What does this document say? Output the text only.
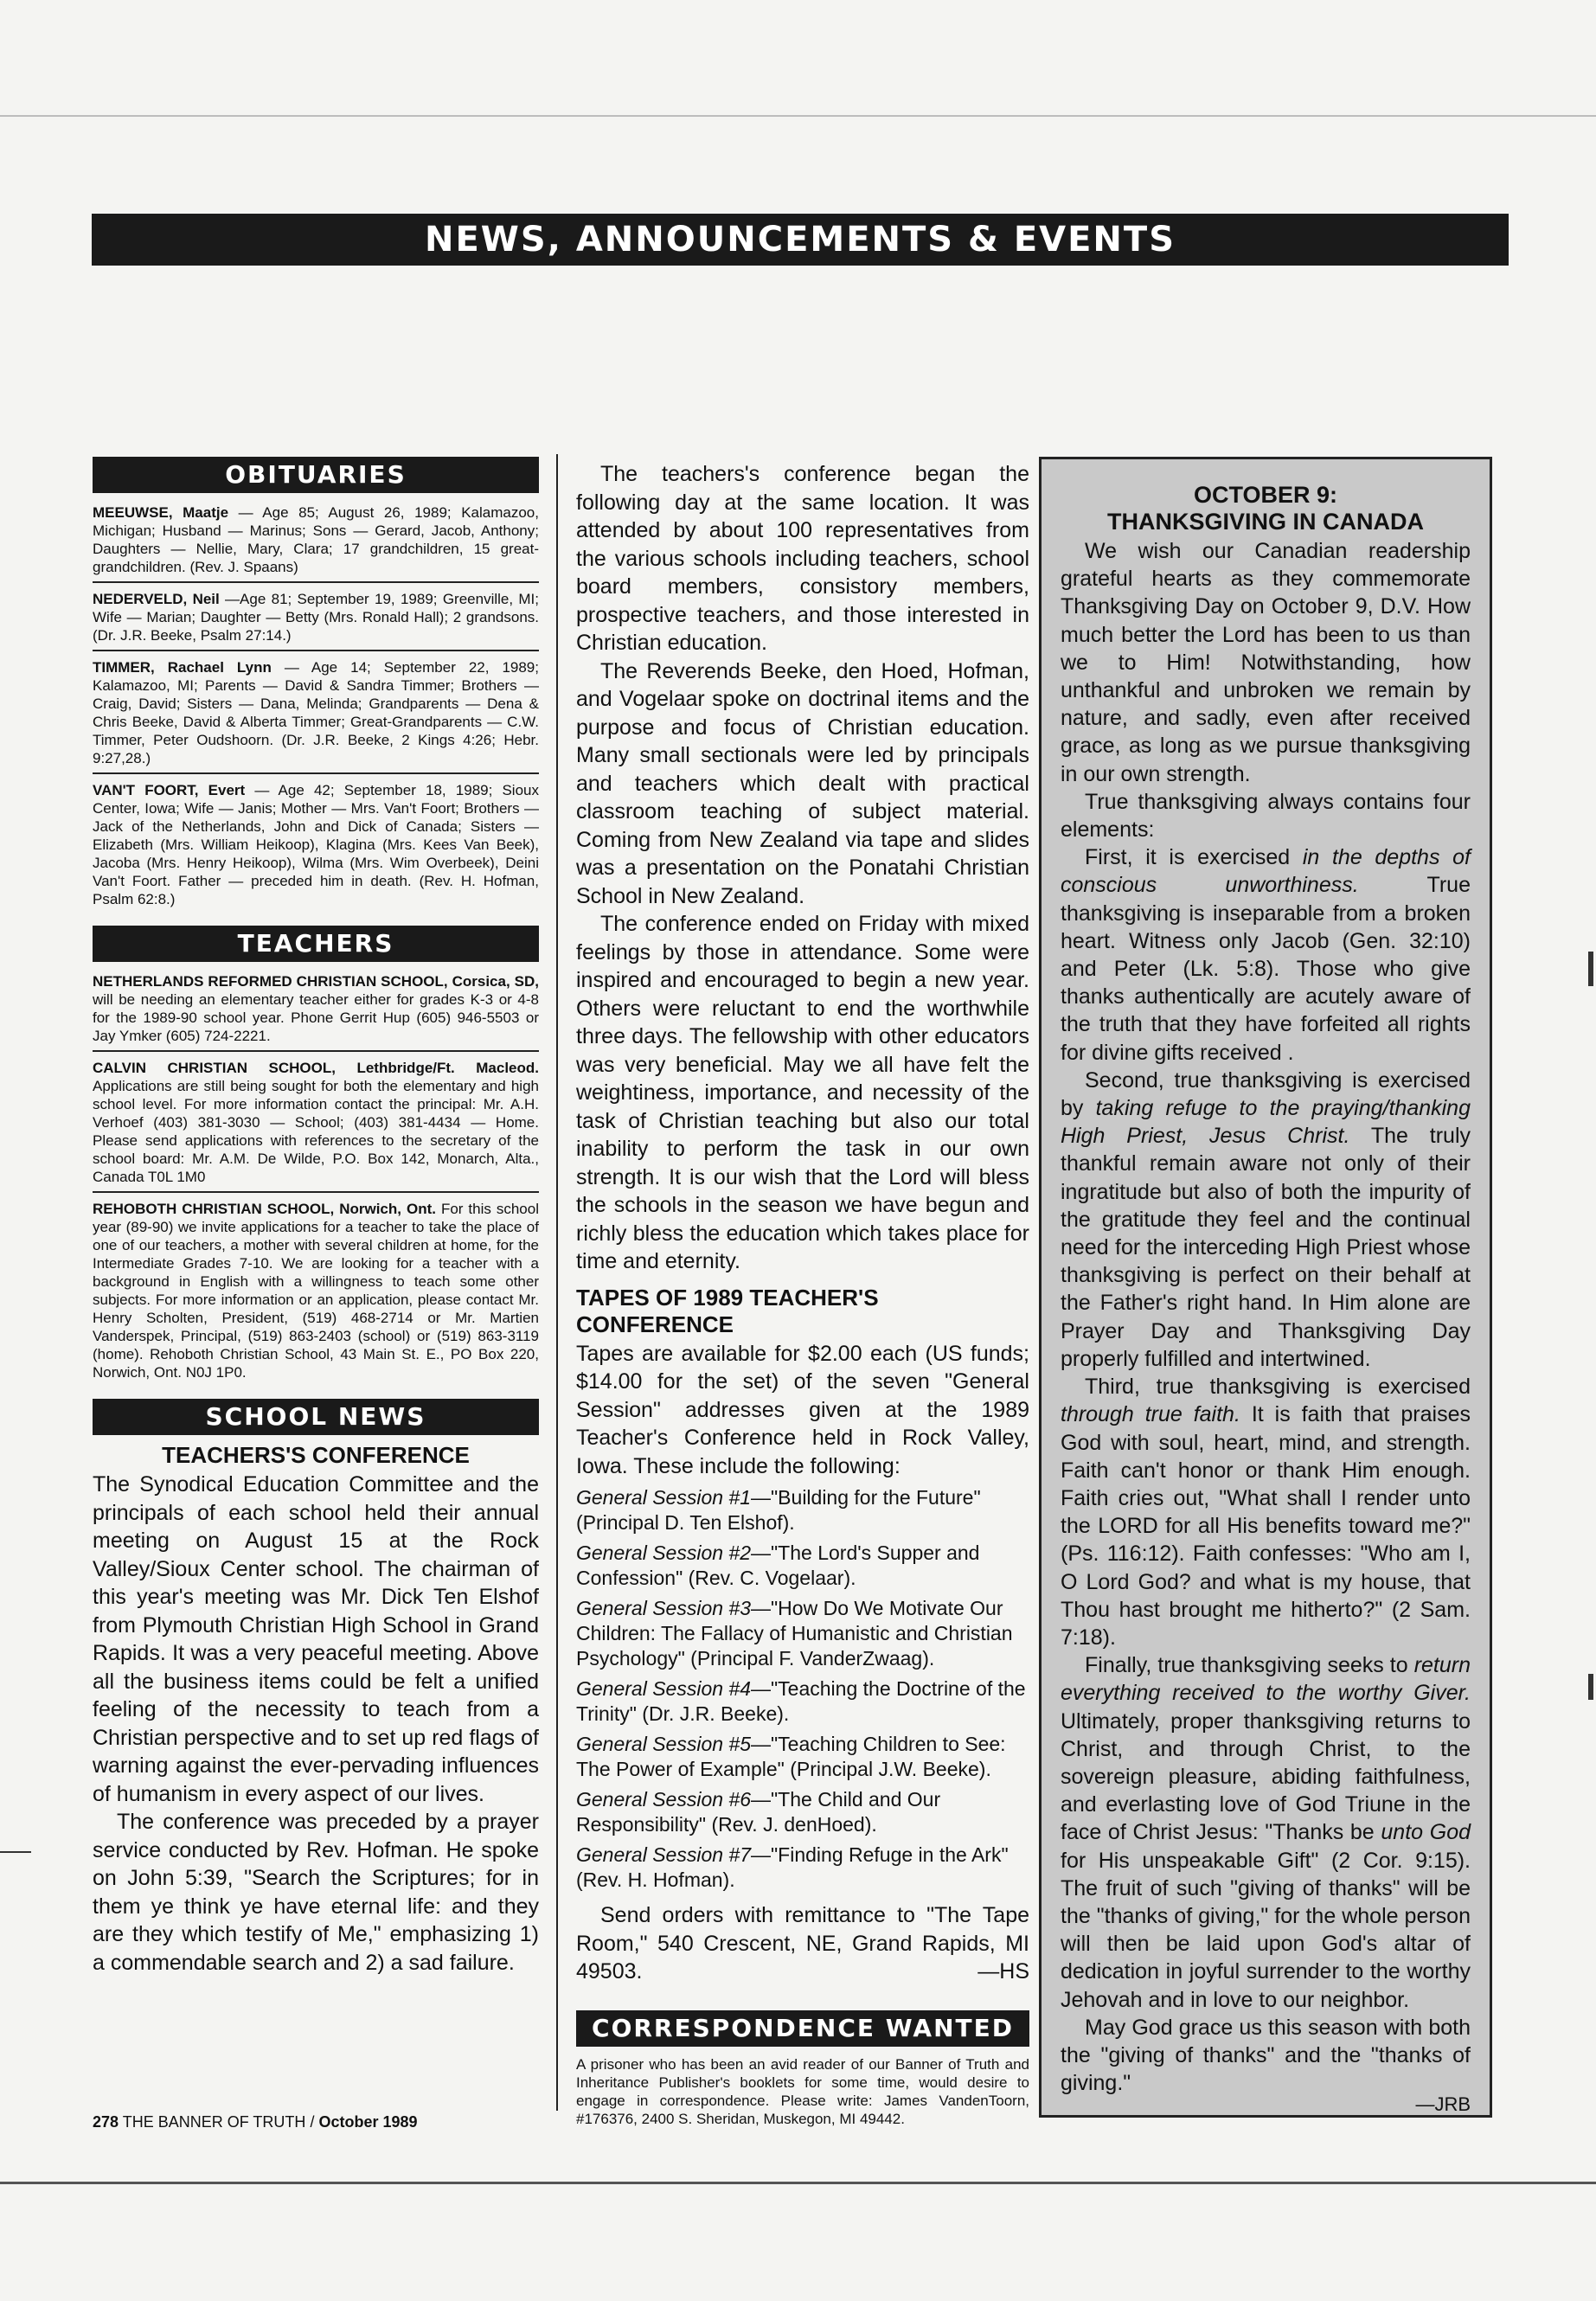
NEWS, ANNOUNCEMENTS & EVENTS
OBITUARIES

MEEUWSE, Maatje — Age 85; August 26, 1989; Kalamazoo, Michigan; Husband — Marinus; Sons — Gerard, Jacob, Anthony; Daughters — Nellie, Mary, Clara; 17 grandchildren, 15 great-grandchildren. (Rev. J. Spaans)

NEDERVELD, Neil —Age 81; September 19, 1989; Greenville, MI; Wife — Marian; Daughter — Betty (Mrs. Ronald Hall); 2 grandsons. (Dr. J.R. Beeke, Psalm 27:14.)

TIMMER, Rachael Lynn — Age 14; September 22, 1989; Kalamazoo, MI; Parents — David & Sandra Timmer; Brothers — Craig, David; Sisters — Dana, Melinda; Grandparents — Dena & Chris Beeke, David & Alberta Timmer; Great-Grandparents — C.W. Timmer, Peter Oudshoorn. (Dr. J.R. Beeke, 2 Kings 4:26; Hebr. 9:27,28.)

VAN'T FOORT, Evert — Age 42; September 18, 1989; Sioux Center, Iowa; Wife — Janis; Mother — Mrs. Van't Foort; Brothers — Jack of the Netherlands, John and Dick of Canada; Sisters — Elizabeth (Mrs. William Heikoop), Klagina (Mrs. Kees Van Beek), Jacoba (Mrs. Henry Heikoop), Wilma (Mrs. Wim Overbeek), Deini Van't Foort. Father — preceded him in death. (Rev. H. Hofman, Psalm 62:8.)

TEACHERS

NETHERLANDS REFORMED CHRISTIAN SCHOOL, Corsica, SD, will be needing an elementary teacher either for grades K-3 or 4-8 for the 1989-90 school year. Phone Gerrit Hup (605) 946-5503 or Jay Ymker (605) 724-2221.

CALVIN CHRISTIAN SCHOOL, Lethbridge/Ft. Macleod. Applications are still being sought for both the elementary and high school level. For more information contact the principal: Mr. A.H. Verhoef (403) 381-3030 — School; (403) 381-4434 — Home. Please send applications with references to the secretary of the school board: Mr. A.M. De Wilde, P.O. Box 142, Monarch, Alta., Canada T0L 1M0

REHOBOTH CHRISTIAN SCHOOL, Norwich, Ont. For this school year (89-90) we invite applications for a teacher to take the place of one of our teachers, a mother with several children at home, for the Intermediate Grades 7-10. We are looking for a teacher with a background in English with a willingness to teach some other subjects. For more information or an application, please contact Mr. Henry Scholten, President, (519) 468-2714 or Mr. Martien Vanderspek, Principal, (519) 863-2403 (school) or (519) 863-3119 (home). Rehoboth Christian School, 43 Main St. E., PO Box 220, Norwich, Ont. N0J 1P0.

SCHOOL NEWS
TEACHERS'S CONFERENCE

The Synodical Education Committee and the principals of each school held their annual meeting on August 15 at the Rock Valley/Sioux Center school. The chairman of this year's meeting was Mr. Dick Ten Elshof from Plymouth Christian High School in Grand Rapids. It was a very peaceful meeting. Above all the business items could be felt a unified feeling of the necessity to teach from a Christian perspective and to set up red flags of warning against the ever-pervading influences of humanism in every aspect of our lives.

The conference was preceded by a prayer service conducted by Rev. Hofman. He spoke on John 5:39, "Search the Scriptures; for in them ye think ye have eternal life: and they are they which testify of Me," emphasizing 1) a commendable search and 2) a sad failure.

The teachers's conference began the following day at the same location. It was attended by about 100 representatives from the various schools including teachers, school board members, consistory members, prospective teachers, and those interested in Christian education.

The Reverends Beeke, den Hoed, Hofman, and Vogelaar spoke on doctrinal items and the purpose and focus of Christian education. Many small sectionals were led by principals and teachers which dealt with practical classroom teaching of subject material. Coming from New Zealand via tape and slides was a presentation on the Ponatahi Christian School in New Zealand.

The conference ended on Friday with mixed feelings by those in attendance. Some were inspired and encouraged to begin a new year. Others were reluctant to end the worthwhile three days. The fellowship with other educators was very beneficial. May we all have felt the weightiness, importance, and necessity of the task of Christian teaching but also our total inability to perform the task in our own strength. It is our wish that the Lord will bless the schools in the season we have begun and richly bless the education which takes place for time and eternity.

TAPES OF 1989 TEACHER'S CONFERENCE

Tapes are available for $2.00 each (US funds; $14.00 for the set) of the seven "General Session" addresses given at the 1989 Teacher's Conference held in Rock Valley, Iowa. These include the following:

General Session #1—"Building for the Future" (Principal D. Ten Elshof).

General Session #2—"The Lord's Supper and Confession" (Rev. C. Vogelaar).

General Session #3—"How Do We Motivate Our Children: The Fallacy of Humanistic and Christian Psychology" (Principal F. VanderZwaag).

General Session #4—"Teaching the Doctrine of the Trinity" (Dr. J.R. Beeke).

General Session #5—"Teaching Children to See: The Power of Example" (Principal J.W. Beeke).

General Session #6—"The Child and Our Responsibility" (Rev. J. denHoed).

General Session #7—"Finding Refuge in the Ark" (Rev. H. Hofman).

Send orders with remittance to "The Tape Room," 540 Crescent, NE, Grand Rapids, MI 49503.	—HS

CORRESPONDENCE WANTED

A prisoner who has been an avid reader of our Banner of Truth and Inheritance Publisher's booklets for some time, would desire to engage in correspondence. Please write: James VandenToorn, #176376, 2400 S. Sheridan, Muskegon, MI 49442.

OCTOBER 9:
THANKSGIVING IN CANADA

We wish our Canadian readership grateful hearts as they commemorate Thanksgiving Day on October 9, D.V. How much better the Lord has been to us than we to Him! Notwithstanding, how unthankful and unbroken we remain by nature, and sadly, even after received grace, as long as we pursue thanksgiving in our own strength.

True thanksgiving always contains four elements:

First, it is exercised in the depths of conscious unworthiness. True thanksgiving is inseparable from a broken heart. Witness only Jacob (Gen. 32:10) and Peter (Lk. 5:8). Those who give thanks authentically are acutely aware of the truth that they have forfeited all rights for divine gifts received .

Second, true thanksgiving is exercised by taking refuge to the praying/thanking High Priest, Jesus Christ. The truly thankful remain aware not only of their ingratitude but also of both the impurity of the gratitude they feel and the continual need for the interceding High Priest whose thanksgiving is perfect on their behalf at the Father's right hand. In Him alone are Prayer Day and Thanksgiving Day properly fulfilled and intertwined.

Third, true thanksgiving is exercised through true faith. It is faith that praises God with soul, heart, mind, and strength. Faith can't honor or thank Him enough. Faith cries out, "What shall I render unto the LORD for all His benefits toward me?" (Ps. 116:12). Faith confesses: "Who am I, O Lord God? and what is my house, that Thou hast brought me hitherto?" (2 Sam. 7:18).

Finally, true thanksgiving seeks to return everything received to the worthy Giver. Ultimately, proper thanksgiving returns to Christ, and through Christ, to the sovereign pleasure, abiding faithfulness, and everlasting love of God Triune in the face of Christ Jesus: "Thanks be unto God for His unspeakable Gift" (2 Cor. 9:15). The fruit of such "giving of thanks" will be the "thanks of giving," for the whole person will then be laid upon God's altar of dedication in joyful surrender to the worthy Jehovah and in love to our neighbor.

May God grace us this season with both the "giving of thanks" and the "thanks of giving."

—JRB
278 THE BANNER OF TRUTH / October 1989
